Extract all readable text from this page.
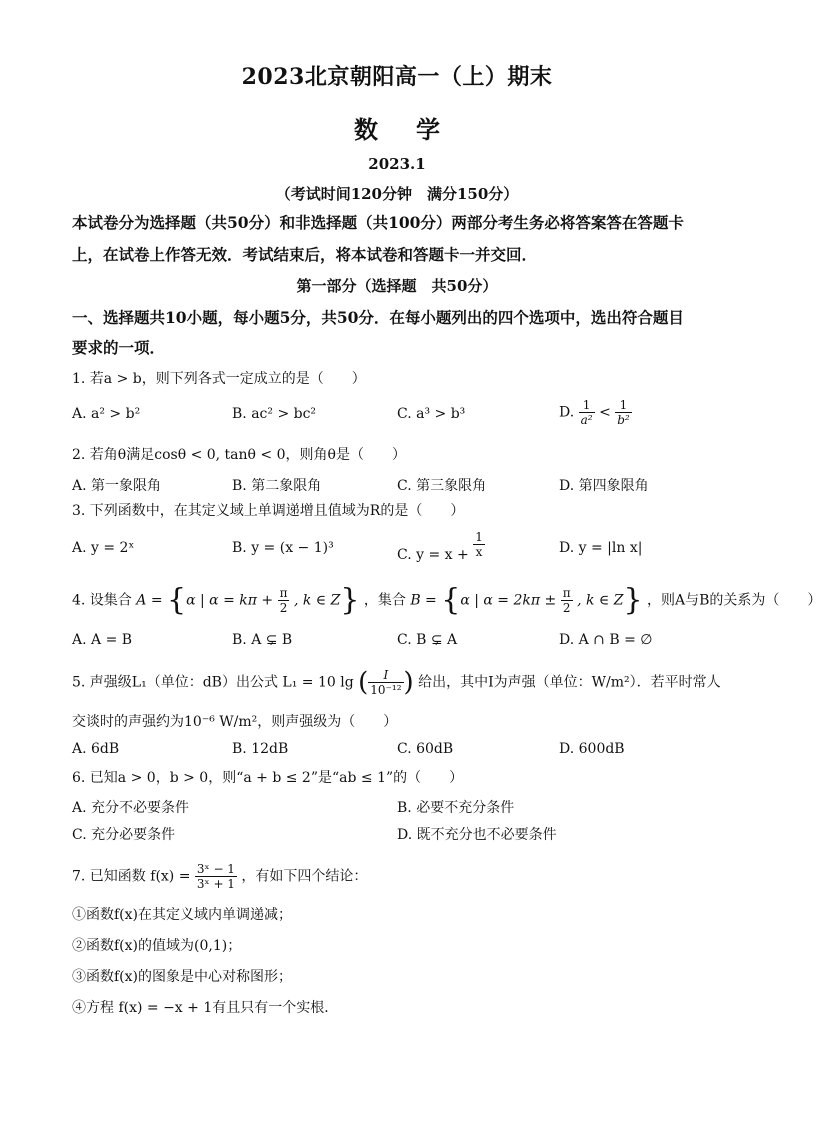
2023北京朝阳高一（上）期末
数学
2023.1
（考试时间120分钟　满分150分）
本试卷分为选择题（共50分）和非选择题（共100分）两部分考生务必将答案答在答题卡
上，在试卷上作答无效．考试结束后，将本试卷和答题卡一并交回．
第一部分（选择题　共50分）
一、选择题共10小题，每小题5分，共50分．在每小题列出的四个选项中，选出符合题目
要求的一项．
1. 若a > b，则下列各式一定成立的是（　　）
A. a² > b²	B. ac² > bc²	C. a³ > b³	D. $\frac{1}{\text{a²}} < \frac{1}{\text{b²}}$
2. 若角θ满足cosθ < 0, tanθ < 0，则角θ是（　　）
A. 第一象限角	B. 第二象限角	C. 第三象限角	D. 第四象限角
3. 下列函数中，在其定义域上单调递增且值域为R的是（　　）
A. y = 2ˣ	B. y = (x − 1)³	C. $y = x + \frac{1}{x}$	D. y = |ln x|
4. 设集合 A = {α | $\alpha = k\pi + \frac{\pi}{2}$ , k ∈ Z} ，集合 B = {α | $\alpha = 2k\pi \pm \frac{\pi}{2}$ , k ∈ Z} ，则A与B的关系为（　　）
A. A = B	B. A ⊊ B	C. B ⊊ A	D. A ∩ B = ∅
5. 声强级L₁（单位：dB）出公式 L₁ = 10 lg ( $\frac{I}{\text{10⁻¹²}}$ ) 给出，其中I为声强（单位：W/m²）．若平时常人
交谈时的声强约为10⁻⁶ W/m²，则声强级为（　　）
A. 6dB	B. 12dB	C. 60dB	D. 600dB
6. 已知a > 0，b > 0，则“a + b ≤ 2”是“ab ≤ 1”的（　　）
A. 充分不必要条件	B. 必要不充分条件
C. 充分必要条件	D. 既不充分也不必要条件
7. 已知函数 $f(x) = \frac{\text{3ˣ − 1}}{\text{3ˣ + 1}}$ ，有如下四个结论：
①函数f(x)在其定义域内单调递减；
②函数f(x)的值域为(0,1)；
③函数f(x)的图象是中心对称图形；
④方程 f(x) = −x + 1有且只有一个实根．
